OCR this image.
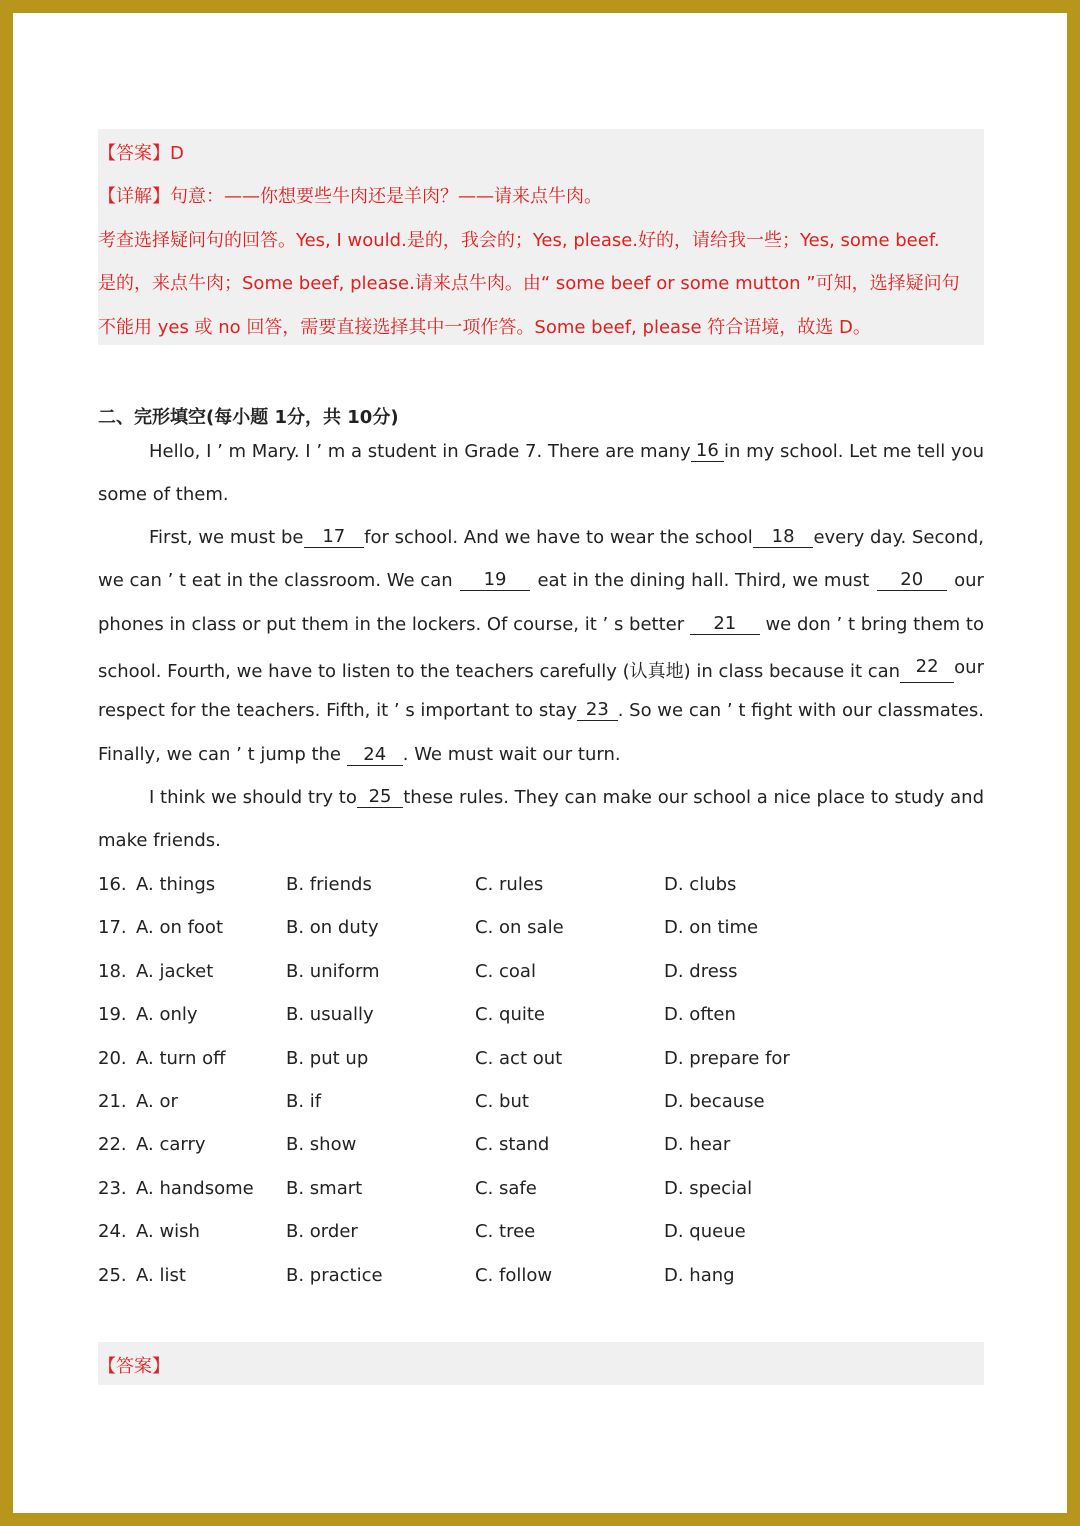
【答案】D
【详解】句意：——你想要些牛肉还是羊肉？——请来点牛肉。
考查选择疑问句的回答。Yes, I would.是的，我会的；Yes, please.好的，请给我一些；Yes, some beef.
是的，来点牛肉；Some beef, please.请来点牛肉。由“ some beef or some mutton ”可知，选择疑问句
不能用 yes 或 no 回答，需要直接选择其中一项作答。Some beef, please 符合语境，故选 D。
二、完形填空(每小题 1分，共 10分)
Hello, I ’ m Mary. I ’ m a student in Grade 7. There are many 16 in my school. Let me tell you
some of them.
First, we must be	17	for school. And we have to wear the school	18	every day. Second,
we can ’ t eat in the classroom. We can	19	eat in the dining hall. Third, we must	20	our
phones in class or put them in the lockers. Of course, it ’ s better	21	we don ’ t bring them to
school. Fourth, we have to listen to the teachers carefully (认真地) in class because it can 22 our
respect for the teachers. Fifth, it ’ s important to stay 23 . So we can ’ t fight with our classmates.
Finally, we can ’ t jump the 24 . We must wait our turn.
I think we should try to 25 these rules. They can make our school a nice place to study and
make friends.
16. A. things	B. friends	C. rules	D. clubs
17. A. on foot	B. on duty	C. on sale	D. on time
18. A. jacket	B. uniform	C. coal	D. dress
19. A. only	B. usually	C. quite	D. often
20. A. turn off	B. put up	C. act out	D. prepare for
21. A. or	B. if	C. but	D. because
22. A. carry	B. show	C. stand	D. hear
23. A. handsome B. smart	C. safe	D. special
24. A. wish	B. order	C. tree	D. queue
25. A. list	B. practice	C. follow	D. hang
【答案】
